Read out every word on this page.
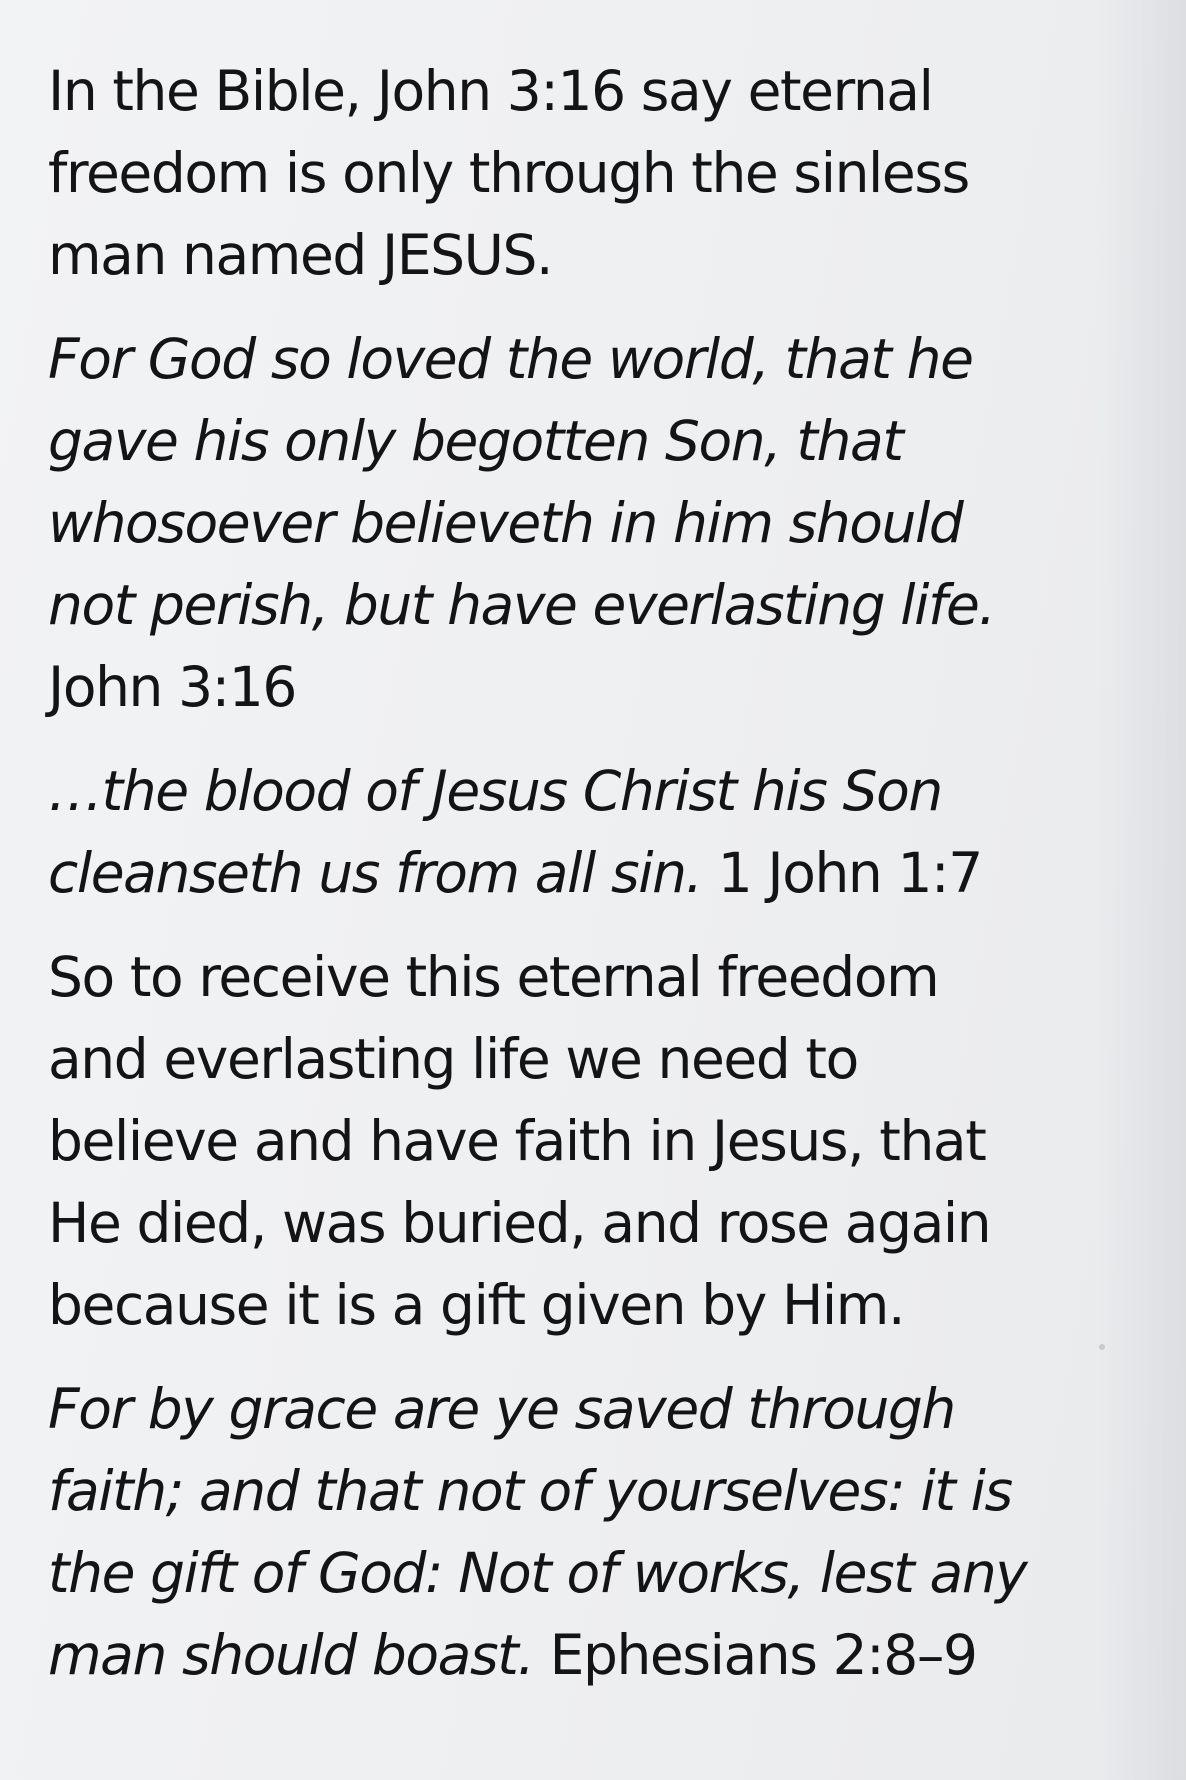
In the Bible, John 3:16 say eternal
freedom is only through the sinless
man named JESUS.

For God so loved the world, that he
gave his only begotten Son, that
whosoever believeth in him should
not perish, but have everlasting life.
John 3:16

…the blood of Jesus Christ his Son
cleanseth us from all sin. 1 John 1:7

So to receive this eternal freedom
and everlasting life we need to
believe and have faith in Jesus, that
He died, was buried, and rose again
because it is a gift given by Him.

For by grace are ye saved through
faith; and that not of yourselves: it is
the gift of God: Not of works, lest any
man should boast. Ephesians 2:8–9
